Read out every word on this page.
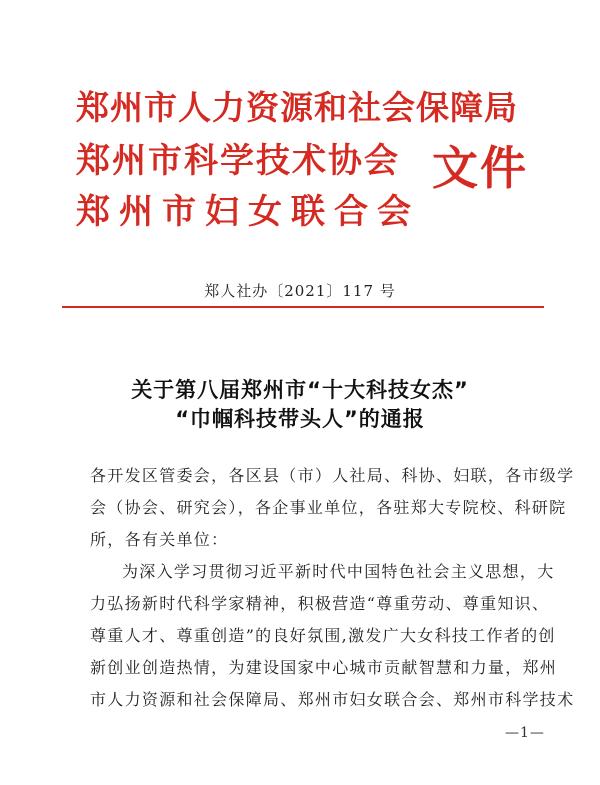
郑州市人力资源和社会保障局
郑州市科学技术协会
郑州市妇女联合会
文件
郑人社办〔2021〕117 号
关于第八届郑州市“十大科技女杰”
“巾帼科技带头人”的通报
各开发区管委会，各区县（市）人社局、科协、妇联，各市级学
会（协会、研究会），各企事业单位，各驻郑大专院校、科研院
所，各有关单位：
为深入学习贯彻习近平新时代中国特色社会主义思想，大
力弘扬新时代科学家精神，积极营造“尊重劳动、尊重知识、
尊重人才、尊重创造”的良好氛围,激发广大女科技工作者的创
新创业创造热情，为建设国家中心城市贡献智慧和力量，郑州
市人力资源和社会保障局、郑州市妇女联合会、郑州市科学技术
—1—
